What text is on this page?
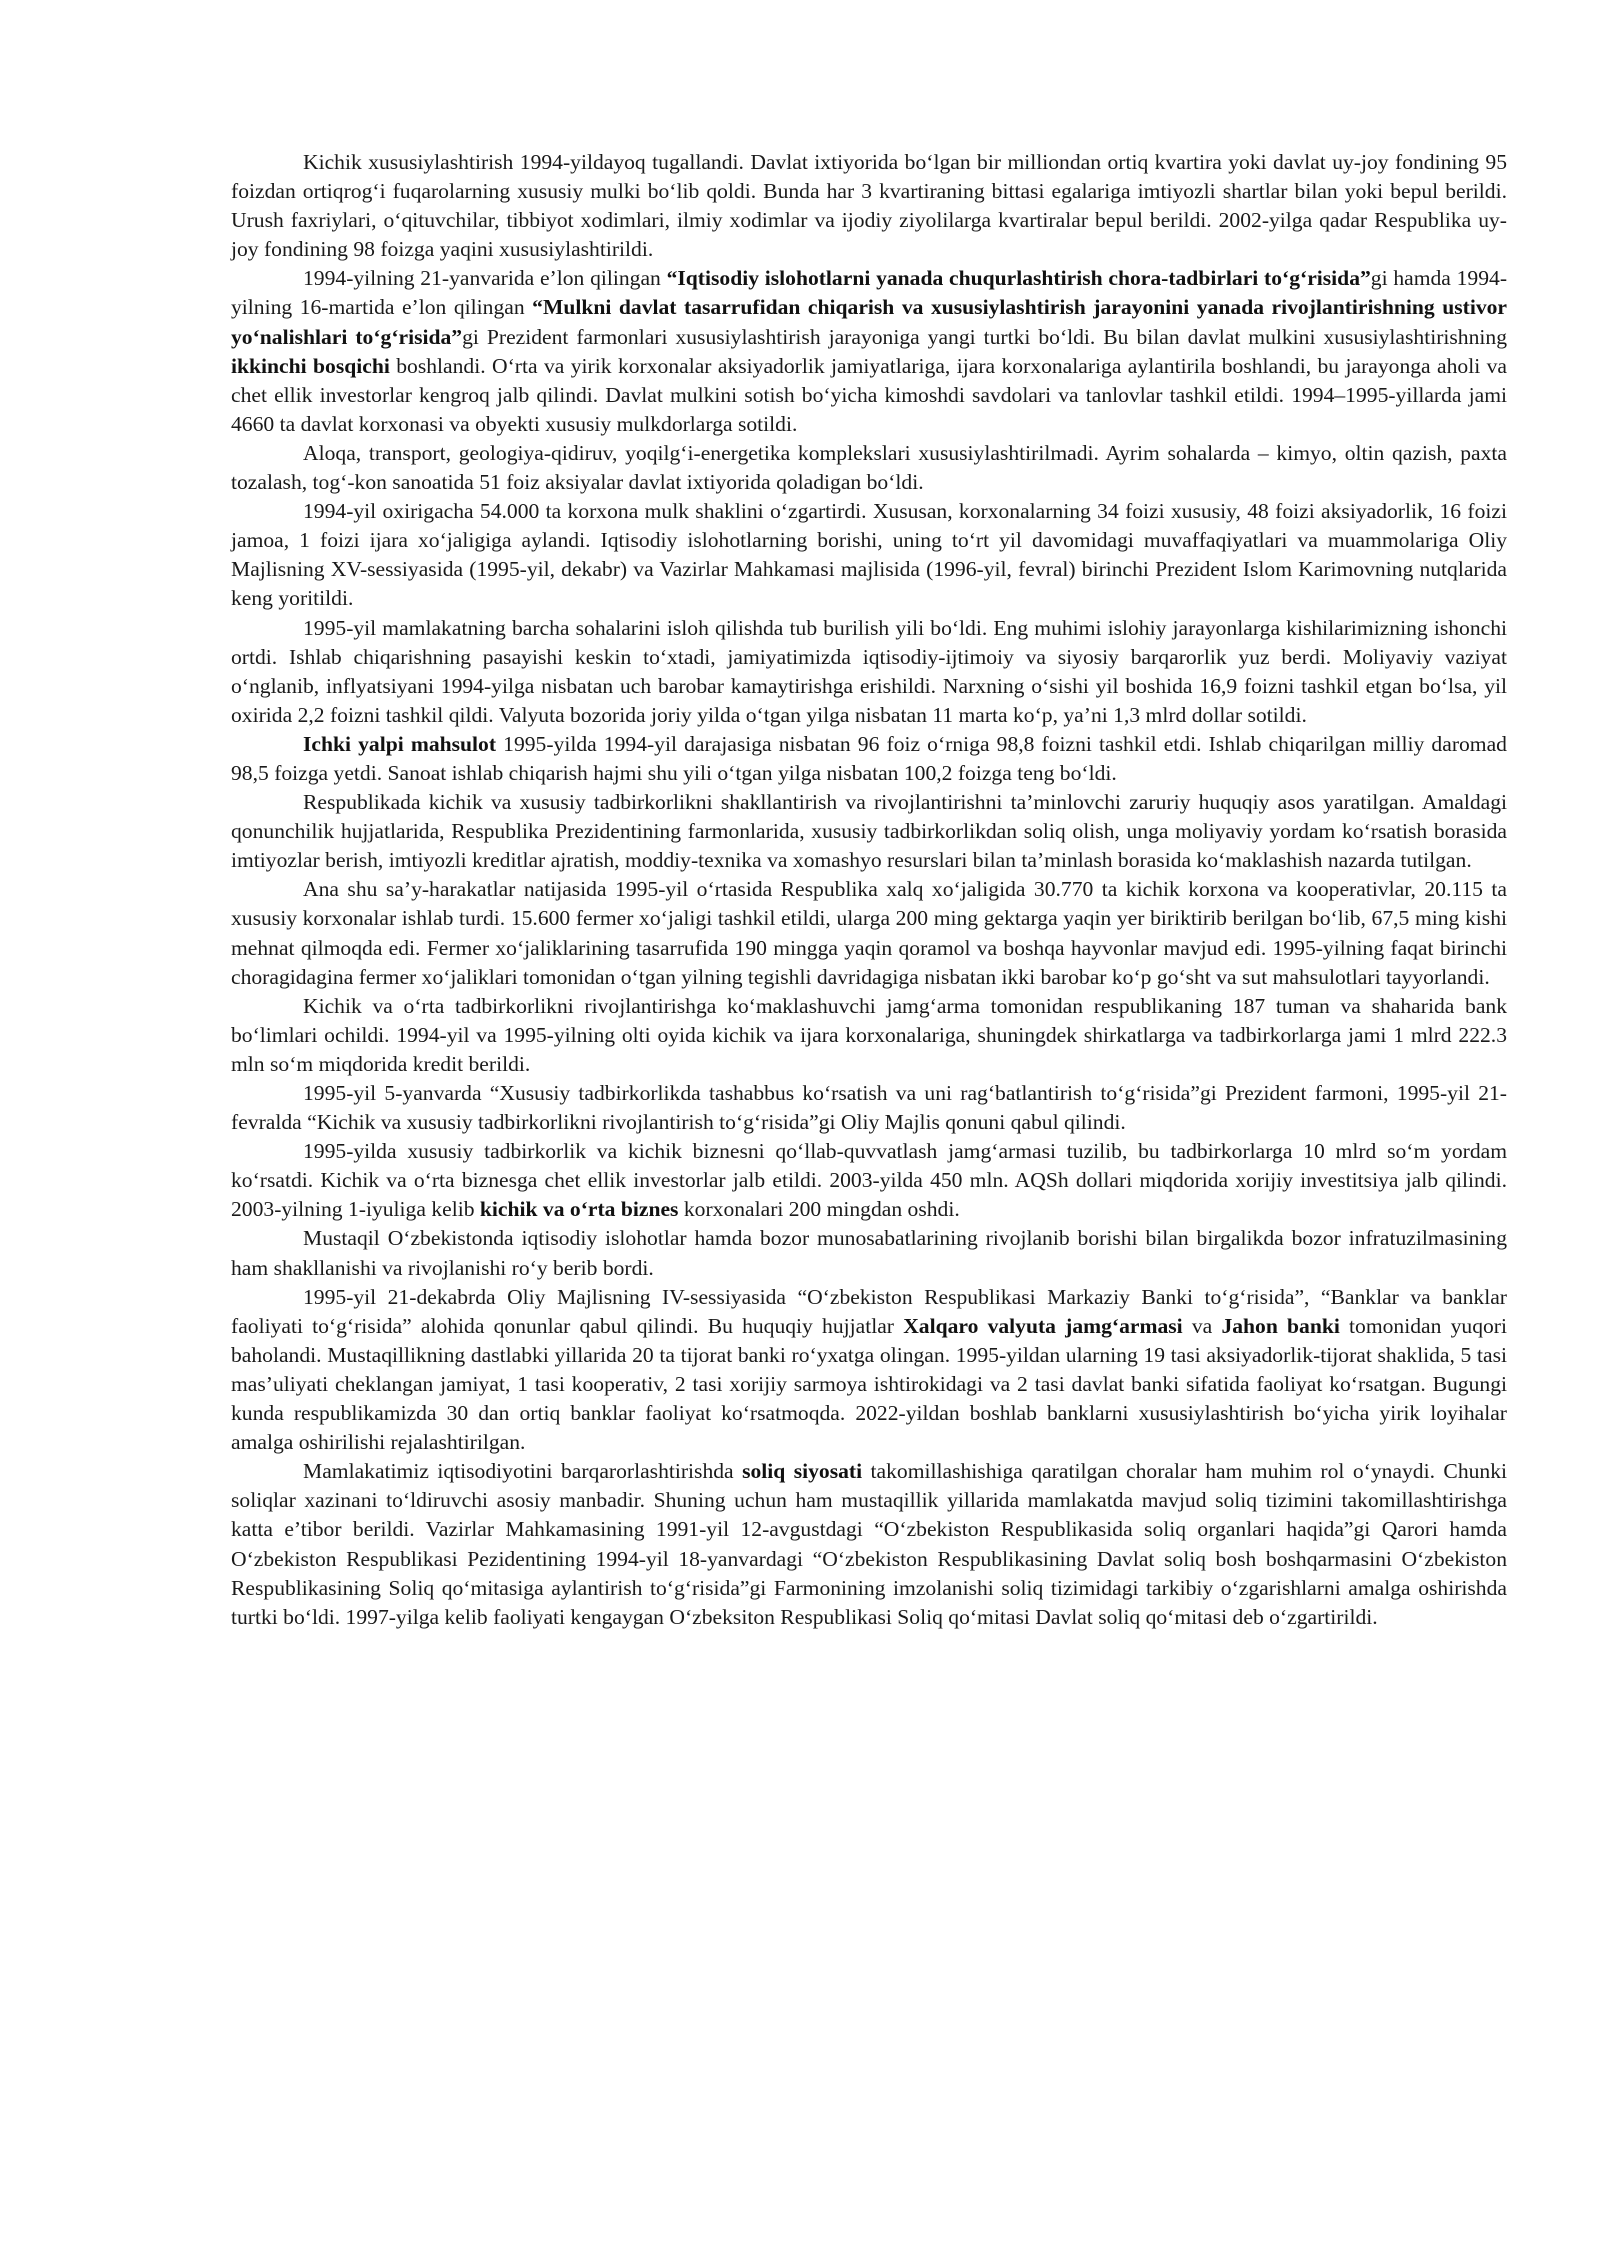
Kichik xususiylashtirish 1994-yildayoq tugallandi. Davlat ixtiyorida bo‘lgan bir milliondan ortiq kvartira yoki davlat uy-joy fondining 95 foizdan ortiqrog‘i fuqarolarning xususiy mulki bo‘lib qoldi. Bunda har 3 kvartiraning bittasi egalariga imtiyozli shartlar bilan yoki bepul berildi. Urush faxriylari, o‘qituvchilar, tibbiyot xodimlari, ilmiy xodimlar va ijodiy ziyolilarga kvartiralar bepul berildi. 2002-yilga qadar Respublika uy-joy fondining 98 foizga yaqini xususiylashtirildi.

1994-yilning 21-yanvarida e’lon qilingan “Iqtisodiy islohotlarni yanada chuqurlashtirish chora-tadbirlari to‘g‘risida”gi hamda 1994-yilning 16-martida e’lon qilingan “Mulkni davlat tasarrufidan chiqarish va xususiylashtirish jarayonini yanada rivojlantirishning ustivor yo‘nalishlari to‘g‘risida”gi Prezident farmonlari xususiylashtirish jarayoniga yangi turtki bo‘ldi. Bu bilan davlat mulkini xususiylashtirishning ikkinchi bosqichi boshlandi. O‘rta va yirik korxonalar aksiyadorlik jamiyatlariga, ijara korxonalariga aylantirila boshlandi, bu jarayonga aholi va chet ellik investorlar kengroq jalb qilindi. Davlat mulkini sotish bo‘yicha kimoshdi savdolari va tanlovlar tashkil etildi. 1994–1995-yillarda jami 4660 ta davlat korxonasi va obyekti xususiy mulkdorlarga sotildi.

Aloqa, transport, geologiya-qidiruv, yoqilg‘i-energetika komplekslari xususiylashtirilmadi. Ayrim sohalarda – kimyo, oltin qazish, paxta tozalash, tog‘-kon sanoatida 51 foiz aksiyalar davlat ixtiyorida qoladigan bo‘ldi.

1994-yil oxirigacha 54.000 ta korxona mulk shaklini o‘zgartirdi. Xususan, korxonalarning 34 foizi xususiy, 48 foizi aksiyadorlik, 16 foizi jamoa, 1 foizi ijara xo‘jaligiga aylandi. Iqtisodiy islohotlarning borishi, uning to‘rt yil davomidagi muvaffaqiyatlari va muammolariga Oliy Majlisning XV-sessiyasida (1995-yil, dekabr) va Vazirlar Mahkamasi majlisida (1996-yil, fevral) birinchi Prezident Islom Karimovning nutqlarida keng yoritildi.

1995-yil mamlakatning barcha sohalarini isloh qilishda tub burilish yili bo‘ldi. Eng muhimi islohiy jarayonlarga kishilarimizning ishonchi ortdi. Ishlab chiqarishning pasayishi keskin to‘xtadi, jamiyatimizda iqtisodiy-ijtimoiy va siyosiy barqarorlik yuz berdi. Moliyaviy vaziyat o‘nglanib, inflyatsiyani 1994-yilga nisbatan uch barobar kamaytirishga erishildi. Narxning o‘sishi yil boshida 16,9 foizni tashkil etgan bo‘lsa, yil oxirida 2,2 foizni tashkil qildi. Valyuta bozorida joriy yilda o‘tgan yilga nisbatan 11 marta ko‘p, ya’ni 1,3 mlrd dollar sotildi.

Ichki yalpi mahsulot 1995-yilda 1994-yil darajasiga nisbatan 96 foiz o‘rniga 98,8 foizni tashkil etdi. Ishlab chiqarilgan milliy daromad 98,5 foizga yetdi. Sanoat ishlab chiqarish hajmi shu yili o‘tgan yilga nisbatan 100,2 foizga teng bo‘ldi.

Respublikada kichik va xususiy tadbirkorlikni shakllantirish va rivojlantirishni ta’minlovchi zaruriy huquqiy asos yaratilgan. Amaldagi qonunchilik hujjatlarida, Respublika Prezidentining farmonlarida, xususiy tadbirkorlikdan soliq olish, unga moliyaviy yordam ko‘rsatish borasida imtiyozlar berish, imtiyozli kreditlar ajratish, moddiy-texnika va xomashyo resurslari bilan ta’minlash borasida ko‘maklashish nazarda tutilgan.

Ana shu sa’y-harakatlar natijasida 1995-yil o‘rtasida Respublika xalq xo‘jaligida 30.770 ta kichik korxona va kooperativlar, 20.115 ta xususiy korxonalar ishlab turdi. 15.600 fermer xo‘jaligi tashkil etildi, ularga 200 ming gektarga yaqin yer biriktirib berilgan bo‘lib, 67,5 ming kishi mehnat qilmoqda edi. Fermer xo‘jaliklarining tasarrufida 190 mingga yaqin qoramol va boshqa hayvonlar mavjud edi. 1995-yilning faqat birinchi choragidagina fermer xo‘jaliklari tomonidan o‘tgan yilning tegishli davridagiga nisbatan ikki barobar ko‘p go‘sht va sut mahsulotlari tayyorlandi.

Kichik va o‘rta tadbirkorlikni rivojlantirishga ko‘maklashuvchi jamg‘arma tomonidan respublikaning 187 tuman va shaharida bank bo‘limlari ochildi. 1994-yil va 1995-yilning olti oyida kichik va ijara korxonalariga, shuningdek shirkatlarga va tadbirkorlarga jami 1 mlrd 222.3 mln so‘m miqdorida kredit berildi.

1995-yil 5-yanvarda “Xususiy tadbirkorlikda tashabbus ko‘rsatish va uni rag‘batlantirish to‘g‘risida”gi Prezident farmoni, 1995-yil 21-fevralda “Kichik va xususiy tadbirkorlikni rivojlantirish to‘g‘risida”gi Oliy Majlis qonuni qabul qilindi.

1995-yilda xususiy tadbirkorlik va kichik biznesni qo‘llab-quvvatlash jamg‘armasi tuzilib, bu tadbirkorlarga 10 mlrd so‘m yordam ko‘rsatdi. Kichik va o‘rta biznesga chet ellik investorlar jalb etildi. 2003-yilda 450 mln. AQSh dollari miqdorida xorijiy investitsiya jalb qilindi. 2003-yilning 1-iyuliga kelib kichik va o‘rta biznes korxonalari 200 mingdan oshdi.

Mustaqil O‘zbekistonda iqtisodiy islohotlar hamda bozor munosabatlarining rivojlanib borishi bilan birgalikda bozor infratuzilmasining ham shakllanishi va rivojlanishi ro‘y berib bordi.

1995-yil 21-dekabrda Oliy Majlisning IV-sessiyasida “O‘zbekiston Respublikasi Markaziy Banki to‘g‘risida”, “Banklar va banklar faoliyati to‘g‘risida” alohida qonunlar qabul qilindi. Bu huquqiy hujjatlar Xalqaro valyuta jamg‘armasi va Jahon banki tomonidan yuqori baholandi. Mustaqillikning dastlabki yillarida 20 ta tijorat banki ro‘yxatga olingan. 1995-yildan ularning 19 tasi aksiyadorlik-tijorat shaklida, 5 tasi mas’uliyati cheklangan jamiyat, 1 tasi kooperativ, 2 tasi xorijiy sarmoya ishtirokidagi va 2 tasi davlat banki sifatida faoliyat ko‘rsatgan. Bugungi kunda respublikamizda 30 dan ortiq banklar faoliyat ko‘rsatmoqda. 2022-yildan boshlab banklarni xususiylashtirish bo‘yicha yirik loyihalar amalga oshirilishi rejalashtirilgan.

Mamlakatimiz iqtisodiyotini barqarorlashtirishda soliq siyosati takomillashishiga qaratilgan choralar ham muhim rol o‘ynaydi. Chunki soliqlar xazinani to‘ldiruvchi asosiy manbadir. Shuning uchun ham mustaqillik yillarida mamlakatda mavjud soliq tizimini takomillashtirishga katta e’tibor berildi. Vazirlar Mahkamasining 1991-yil 12-avgustdagi “O‘zbekiston Respublikasida soliq organlari haqida”gi Qarori hamda O‘zbekiston Respublikasi Pezidentining 1994-yil 18-yanvardagi “O‘zbekiston Respublikasining Davlat soliq bosh boshqarmasini O‘zbekiston Respublikasining Soliq qo‘mitasiga aylantirish to‘g‘risida”gi Farmonining imzolanishi soliq tizimidagi tarkibiy o‘zgarishlarni amalga oshirishda turtki bo‘ldi. 1997-yilga kelib faoliyati kengaygan O‘zbeksiton Respublikasi Soliq qo‘mitasi Davlat soliq qo‘mitasi deb o‘zgartirildi.
